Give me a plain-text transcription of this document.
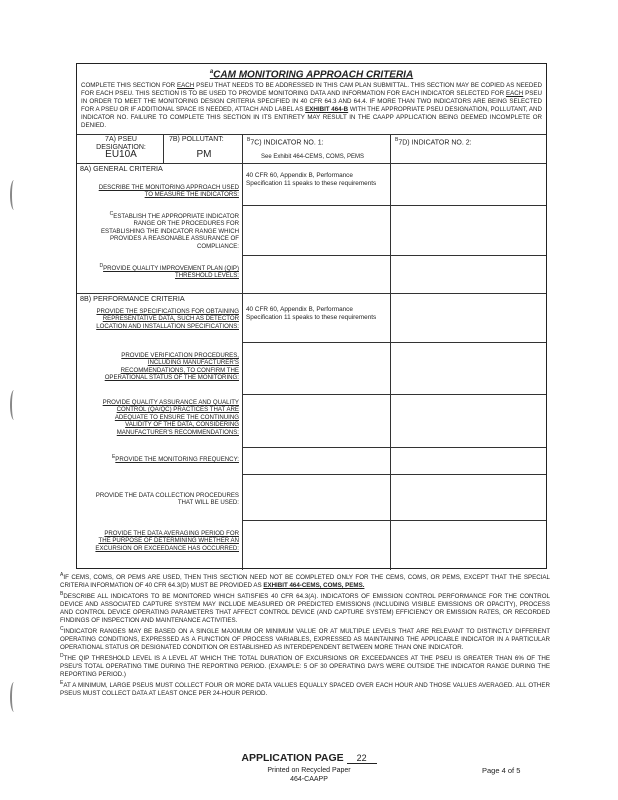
$^a$CAM MONITORING APPROACH CRITERIA
COMPLETE THIS SECTION FOR EACH PSEU THAT NEEDS TO BE ADDRESSED IN THIS CAM PLAN SUBMITTAL. THIS SECTION MAY BE COPIED AS NEEDED FOR EACH PSEU. THIS SECTION IS TO BE USED TO PROVIDE MONITORING DATA AND INFORMATION FOR EACH INDICATOR SELECTED FOR EACH PSEU IN ORDER TO MEET THE MONITORING DESIGN CRITERIA SPECIFIED IN 40 CFR 64.3 AND 64.4. IF MORE THAN TWO INDICATORS ARE BEING SELECTED FOR A PSEU OR IF ADDITIONAL SPACE IS NEEDED, ATTACH AND LABEL AS EXHIBIT 464-B WITH THE APPROPRIATE PSEU DESIGNATION, POLLUTANT, AND INDICATOR NO. FAILURE TO COMPLETE THIS SECTION IN ITS ENTIRETY MAY RESULT IN THE CAAPP APPLICATION BEING DEEMED INCOMPLETE OR DENIED.
7A) PSEU DESIGNATION:
EU10A
7B) POLLUTANT:
PM
$^B$7C) INDICATOR NO. 1:
See Exhibit 464-CEMS, COMS, PEMS
$^B$7D) INDICATOR NO. 2:
8A) GENERAL CRITERIA
DESCRIBE THE MONITORING APPROACH USED TO MEASURE THE INDICATORS:
40 CFR 60, Appendix B, Performance Specification 11 speaks to these requirements
$^C$ESTABLISH THE APPROPRIATE INDICATOR RANGE OR THE PROCEDURES FOR ESTABLISHING THE INDICATOR RANGE WHICH PROVIDES A REASONABLE ASSURANCE OF COMPLIANCE:
$^D$PROVIDE QUALITY IMPROVEMENT PLAN (QIP) THRESHOLD LEVELS:
8B) PERFORMANCE CRITERIA
PROVIDE THE SPECIFICATIONS FOR OBTAINING REPRESENTATIVE DATA, SUCH AS DETECTOR LOCATION AND INSTALLATION SPECIFICATIONS:
40 CFR 60, Appendix B, Performance Specification 11 speaks to these requirements
PROVIDE VERIFICATION PROCEDURES, INCLUDING MANUFACTURER'S RECOMMENDATIONS, TO CONFIRM THE OPERATIONAL STATUS OF THE MONITORING:
PROVIDE QUALITY ASSURANCE AND QUALITY CONTROL (QA/QC) PRACTICES THAT ARE ADEQUATE TO ENSURE THE CONTINUING VALIDITY OF THE DATA, CONSIDERING MANUFACTURER'S RECOMMENDATIONS:
$^E$PROVIDE THE MONITORING FREQUENCY:
PROVIDE THE DATA COLLECTION PROCEDURES THAT WILL BE USED:
PROVIDE THE DATA AVERAGING PERIOD FOR THE PURPOSE OF DETERMINING WHETHER AN EXCURSION OR EXCEEDANCE HAS OCCURRED:

$^A$IF CEMS, COMS, OR PEMS ARE USED, THEN THIS SECTION NEED NOT BE COMPLETED ONLY FOR THE CEMS, COMS, OR PEMS, EXCEPT THAT THE SPECIAL CRITERIA INFORMATION OF 40 CFR 64.3(D) MUST BE PROVIDED AS EXHIBIT 464-CEMS, COMS, PEMS.

$^B$DESCRIBE ALL INDICATORS TO BE MONITORED WHICH SATISFIES 40 CFR 64.3(A). INDICATORS OF EMISSION CONTROL PERFORMANCE FOR THE CONTROL DEVICE AND ASSOCIATED CAPTURE SYSTEM MAY INCLUDE MEASURED OR PREDICTED EMISSIONS (INCLUDING VISIBLE EMISSIONS OR OPACITY), PROCESS AND CONTROL DEVICE OPERATING PARAMETERS THAT AFFECT CONTROL DEVICE (AND CAPTURE SYSTEM) EFFICIENCY OR EMISSION RATES, OR RECORDED FINDINGS OF INSPECTION AND MAINTENANCE ACTIVITIES.

$^C$INDICATOR RANGES MAY BE BASED ON A SINGLE MAXIMUM OR MINIMUM VALUE OR AT MULTIPLE LEVELS THAT ARE RELEVANT TO DISTINCTLY DIFFERENT OPERATING CONDITIONS, EXPRESSED AS A FUNCTION OF PROCESS VARIABLES, EXPRESSED AS MAINTAINING THE APPLICABLE INDICATOR IN A PARTICULAR OPERATIONAL STATUS OR DESIGNATED CONDITION OR ESTABLISHED AS INTERDEPENDENT BETWEEN MORE THAN ONE INDICATOR.

$^D$THE QIP THRESHOLD LEVEL IS A LEVEL AT WHICH THE TOTAL DURATION OF EXCURSIONS OR EXCEEDANCES AT THE PSEU IS GREATER THAN 6% OF THE PSEU'S TOTAL OPERATING TIME DURING THE REPORTING PERIOD. (EXAMPLE: 5 OF 30 OPERATING DAYS WERE OUTSIDE THE INDICATOR RANGE DURING THE REPORTING PERIOD.)

$^E$AT A MINIMUM, LARGE PSEUS MUST COLLECT FOUR OR MORE DATA VALUES EQUALLY SPACED OVER EACH HOUR AND THOSE VALUES AVERAGED. ALL OTHER PSEUS MUST COLLECT DATA AT LEAST ONCE PER 24-HOUR PERIOD.

APPLICATION PAGE 22
Printed on Recycled Paper
464-CAAPP
Page 4 of 5
